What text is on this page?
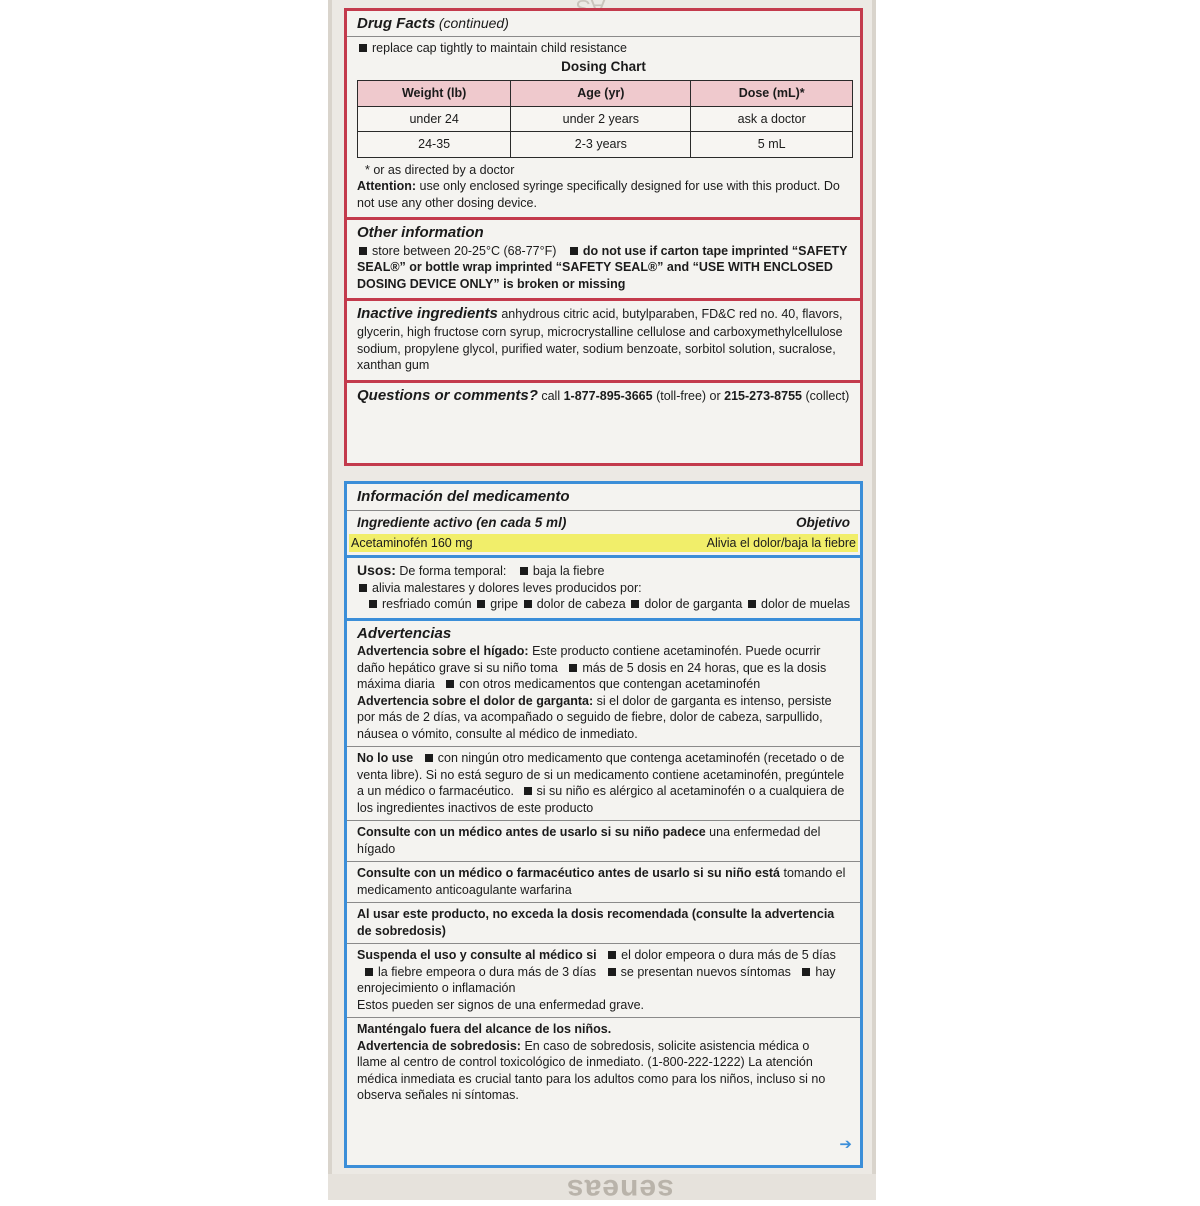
Drug Facts (continued)
replace cap tightly to maintain child resistance
Dosing Chart
Weight (lb)	Age (yr)	Dose (mL)*
under 24	under 2 years	ask a doctor
24-35	2-3 years	5 mL
* or as directed by a doctor
Attention: use only enclosed syringe specifically designed for use with this product. Do not use any other dosing device.
Other information
store between 20-25°C (68-77°F) do not use if carton tape imprinted “SAFETY SEAL®” or bottle wrap imprinted “SAFETY SEAL®” and “USE WITH ENCLOSED DOSING DEVICE ONLY” is broken or missing
Inactive ingredients anhydrous citric acid, butylparaben, FD&C red no. 40, flavors, glycerin, high fructose corn syrup, microcrystalline cellulose and carboxymethylcellulose sodium, propylene glycol, purified water, sodium benzoate, sorbitol solution, sucralose, xanthan gum
Questions or comments? call 1-877-895-3665 (toll-free) or 215-273-8755 (collect)
Información del medicamento
Ingrediente activo (en cada 5 ml)	Objetivo
Acetaminofén 160 mg	Alivia el dolor/baja la fiebre
Usos: De forma temporal: baja la fiebre
alivia malestares y dolores leves producidos por:
resfriado común	gripe	dolor de cabeza	dolor de garganta	dolor de muelas
Advertencias
Advertencia sobre el hígado: Este producto contiene acetaminofén. Puede ocurrir daño hepático grave si su niño toma más de 5 dosis en 24 horas, que es la dosis máxima diaria con otros medicamentos que contengan acetaminofén
Advertencia sobre el dolor de garganta: si el dolor de garganta es intenso, persiste por más de 2 días, va acompañado o seguido de fiebre, dolor de cabeza, sarpullido, náusea o vómito, consulte al médico de inmediato.
No lo use con ningún otro medicamento que contenga acetaminofén (recetado o de venta libre). Si no está seguro de si un medicamento contiene acetaminofén, pregúntele a un médico o farmacéutico. si su niño es alérgico al acetaminofén o a cualquiera de los ingredientes inactivos de este producto
Consulte con un médico antes de usarlo si su niño padece una enfermedad del hígado
Consulte con un médico o farmacéutico antes de usarlo si su niño está tomando el medicamento anticoagulante warfarina
Al usar este producto, no exceda la dosis recomendada (consulte la advertencia de sobredosis)
Suspenda el uso y consulte al médico si el dolor empeora o dura más de 5 días la fiebre empeora o dura más de 3 días se presentan nuevos síntomas hay enrojecimiento o inflamación
Estos pueden ser signos de una enfermedad grave.
Manténgalo fuera del alcance de los niños.
Advertencia de sobredosis: En caso de sobredosis, solicite asistencia médica o llame al centro de control toxicológico de inmediato. (1-800-222-1222) La atención médica inmediata es crucial tanto para los adultos como para los niños, incluso si no observa señales ni síntomas.
➔
seneas
